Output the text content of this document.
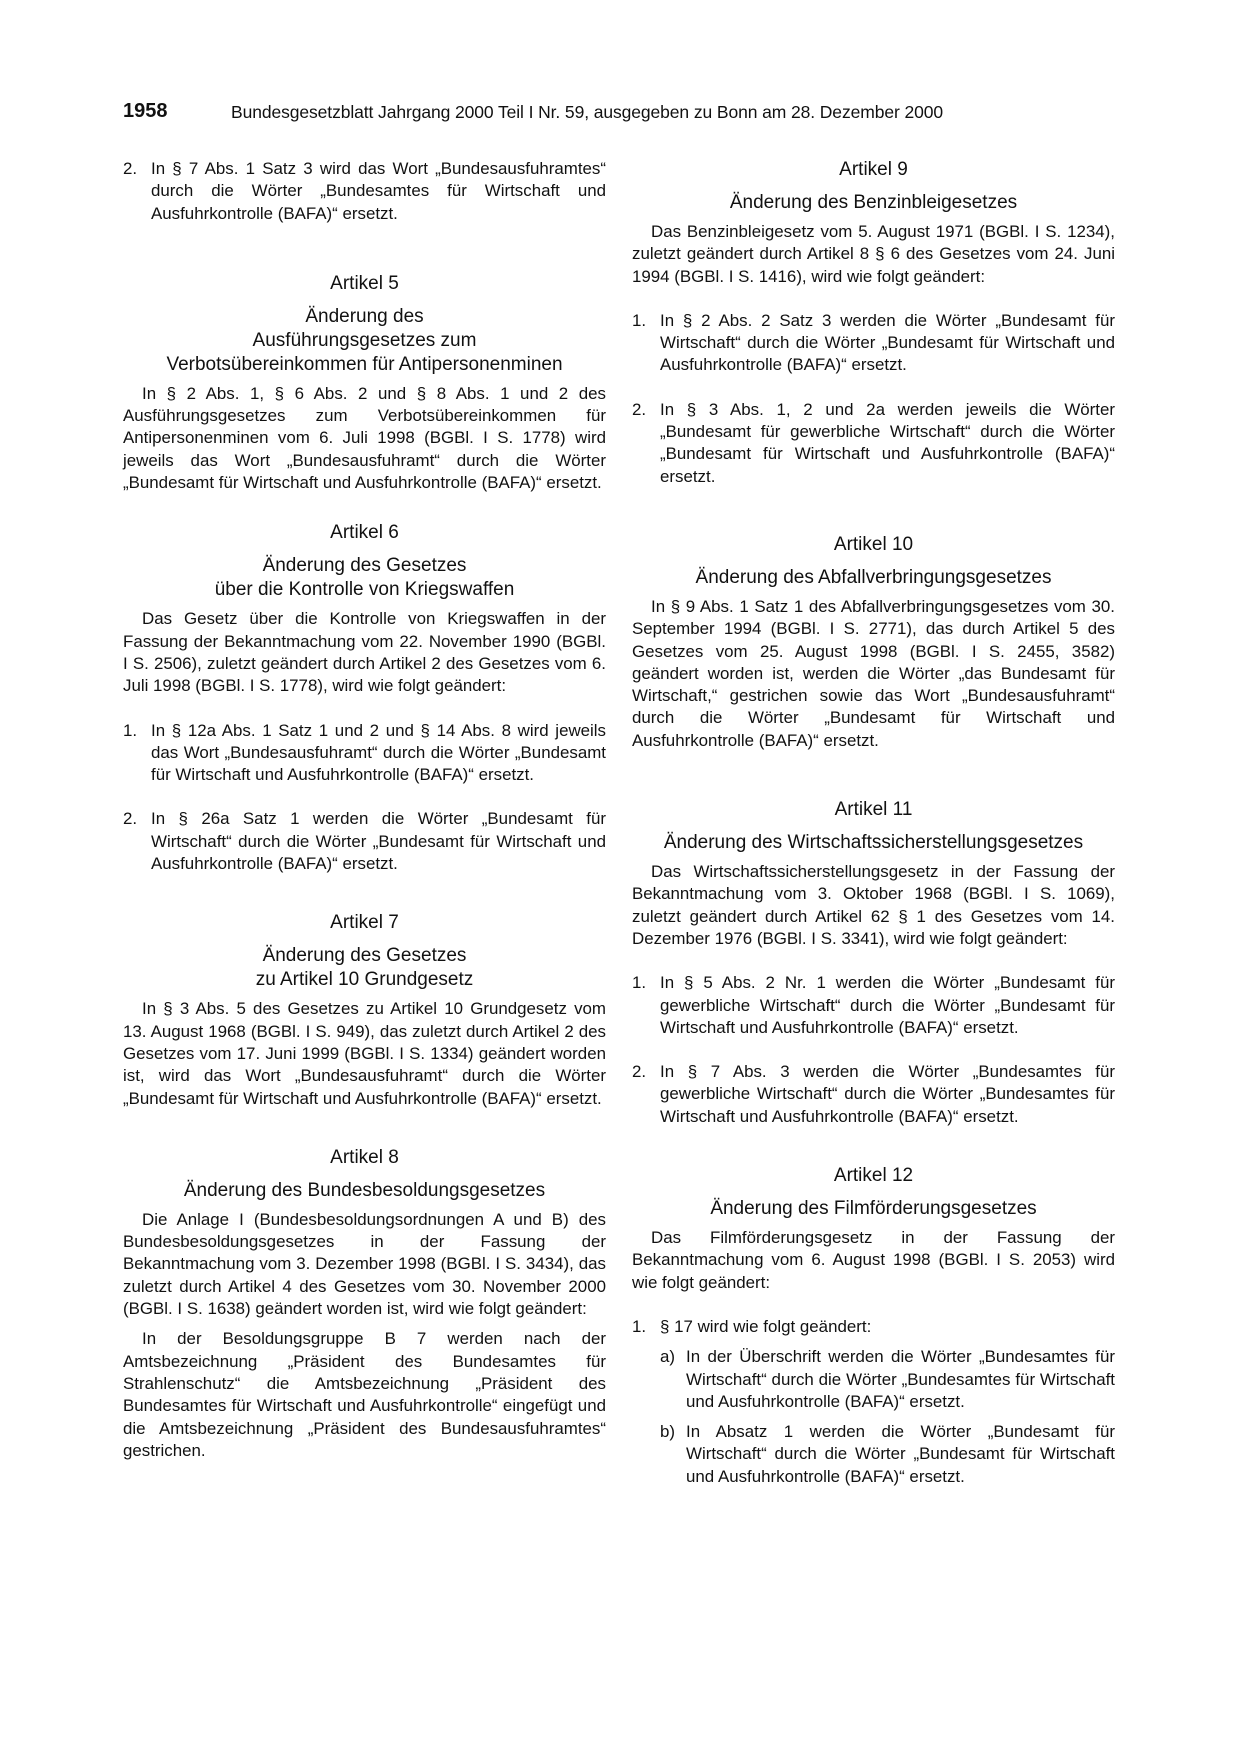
1958	Bundesgesetzblatt Jahrgang 2000 Teil I Nr. 59, ausgegeben zu Bonn am 28. Dezember 2000
2. In § 7 Abs. 1 Satz 3 wird das Wort „Bundesausfuhramtes“ durch die Wörter „Bundesamtes für Wirtschaft und Ausfuhrkontrolle (BAFA)“ ersetzt.

Artikel 5

Änderung des
Ausführungsgesetzes zum
Verbotsübereinkommen für Antipersonenminen

In § 2 Abs. 1, § 6 Abs. 2 und § 8 Abs. 1 und 2 des Ausführungsgesetzes zum Verbotsübereinkommen für Antipersonenminen vom 6. Juli 1998 (BGBl. I S. 1778) wird jeweils das Wort „Bundesausfuhramt“ durch die Wörter „Bundesamt für Wirtschaft und Ausfuhrkontrolle (BAFA)“ ersetzt.

Artikel 6

Änderung des Gesetzes
über die Kontrolle von Kriegswaffen

Das Gesetz über die Kontrolle von Kriegswaffen in der Fassung der Bekanntmachung vom 22. November 1990 (BGBl. I S. 2506), zuletzt geändert durch Artikel 2 des Gesetzes vom 6. Juli 1998 (BGBl. I S. 1778), wird wie folgt geändert:

1. In § 12a Abs. 1 Satz 1 und 2 und § 14 Abs. 8 wird jeweils das Wort „Bundesausfuhramt“ durch die Wörter „Bundesamt für Wirtschaft und Ausfuhrkontrolle (BAFA)“ ersetzt.
2. In § 26a Satz 1 werden die Wörter „Bundesamt für Wirtschaft“ durch die Wörter „Bundesamt für Wirtschaft und Ausfuhrkontrolle (BAFA)“ ersetzt.

Artikel 7

Änderung des Gesetzes
zu Artikel 10 Grundgesetz

In § 3 Abs. 5 des Gesetzes zu Artikel 10 Grundgesetz vom 13. August 1968 (BGBl. I S. 949), das zuletzt durch Artikel 2 des Gesetzes vom 17. Juni 1999 (BGBl. I S. 1334) geändert worden ist, wird das Wort „Bundesausfuhramt“ durch die Wörter „Bundesamt für Wirtschaft und Ausfuhrkontrolle (BAFA)“ ersetzt.

Artikel 8

Änderung des Bundesbesoldungsgesetzes

Die Anlage I (Bundesbesoldungsordnungen A und B) des Bundesbesoldungsgesetzes in der Fassung der Bekanntmachung vom 3. Dezember 1998 (BGBl. I S. 3434), das zuletzt durch Artikel 4 des Gesetzes vom 30. November 2000 (BGBl. I S. 1638) geändert worden ist, wird wie folgt geändert:

In der Besoldungsgruppe B 7 werden nach der Amtsbezeichnung „Präsident des Bundesamtes für Strahlenschutz“ die Amtsbezeichnung „Präsident des Bundesamtes für Wirtschaft und Ausfuhrkontrolle“ eingefügt und die Amtsbezeichnung „Präsident des Bundesausfuhramtes“ gestrichen.

Artikel 9

Änderung des Benzinbleigesetzes

Das Benzinbleigesetz vom 5. August 1971 (BGBl. I S. 1234), zuletzt geändert durch Artikel 8 § 6 des Gesetzes vom 24. Juni 1994 (BGBl. I S. 1416), wird wie folgt geändert:

1. In § 2 Abs. 2 Satz 3 werden die Wörter „Bundesamt für Wirtschaft“ durch die Wörter „Bundesamt für Wirtschaft und Ausfuhrkontrolle (BAFA)“ ersetzt.
2. In § 3 Abs. 1, 2 und 2a werden jeweils die Wörter „Bundesamt für gewerbliche Wirtschaft“ durch die Wörter „Bundesamt für Wirtschaft und Ausfuhrkontrolle (BAFA)“ ersetzt.

Artikel 10

Änderung des Abfallverbringungsgesetzes

In § 9 Abs. 1 Satz 1 des Abfallverbringungsgesetzes vom 30. September 1994 (BGBl. I S. 2771), das durch Artikel 5 des Gesetzes vom 25. August 1998 (BGBl. I S. 2455, 3582) geändert worden ist, werden die Wörter „das Bundesamt für Wirtschaft,“ gestrichen sowie das Wort „Bundesausfuhramt“ durch die Wörter „Bundesamt für Wirtschaft und Ausfuhrkontrolle (BAFA)“ ersetzt.

Artikel 11

Änderung des Wirtschaftssicherstellungsgesetzes

Das Wirtschaftssicherstellungsgesetz in der Fassung der Bekanntmachung vom 3. Oktober 1968 (BGBl. I S. 1069), zuletzt geändert durch Artikel 62 § 1 des Gesetzes vom 14. Dezember 1976 (BGBl. I S. 3341), wird wie folgt geändert:

1. In § 5 Abs. 2 Nr. 1 werden die Wörter „Bundesamt für gewerbliche Wirtschaft“ durch die Wörter „Bundesamt für Wirtschaft und Ausfuhrkontrolle (BAFA)“ ersetzt.
2. In § 7 Abs. 3 werden die Wörter „Bundesamtes für gewerbliche Wirtschaft“ durch die Wörter „Bundesamtes für Wirtschaft und Ausfuhrkontrolle (BAFA)“ ersetzt.

Artikel 12

Änderung des Filmförderungsgesetzes

Das Filmförderungsgesetz in der Fassung der Bekanntmachung vom 6. August 1998 (BGBl. I S. 2053) wird wie folgt geändert:

1. § 17 wird wie folgt geändert:
a) In der Überschrift werden die Wörter „Bundesamtes für Wirtschaft“ durch die Wörter „Bundesamtes für Wirtschaft und Ausfuhrkontrolle (BAFA)“ ersetzt.
b) In Absatz 1 werden die Wörter „Bundesamt für Wirtschaft“ durch die Wörter „Bundesamt für Wirtschaft und Ausfuhrkontrolle (BAFA)“ ersetzt.
